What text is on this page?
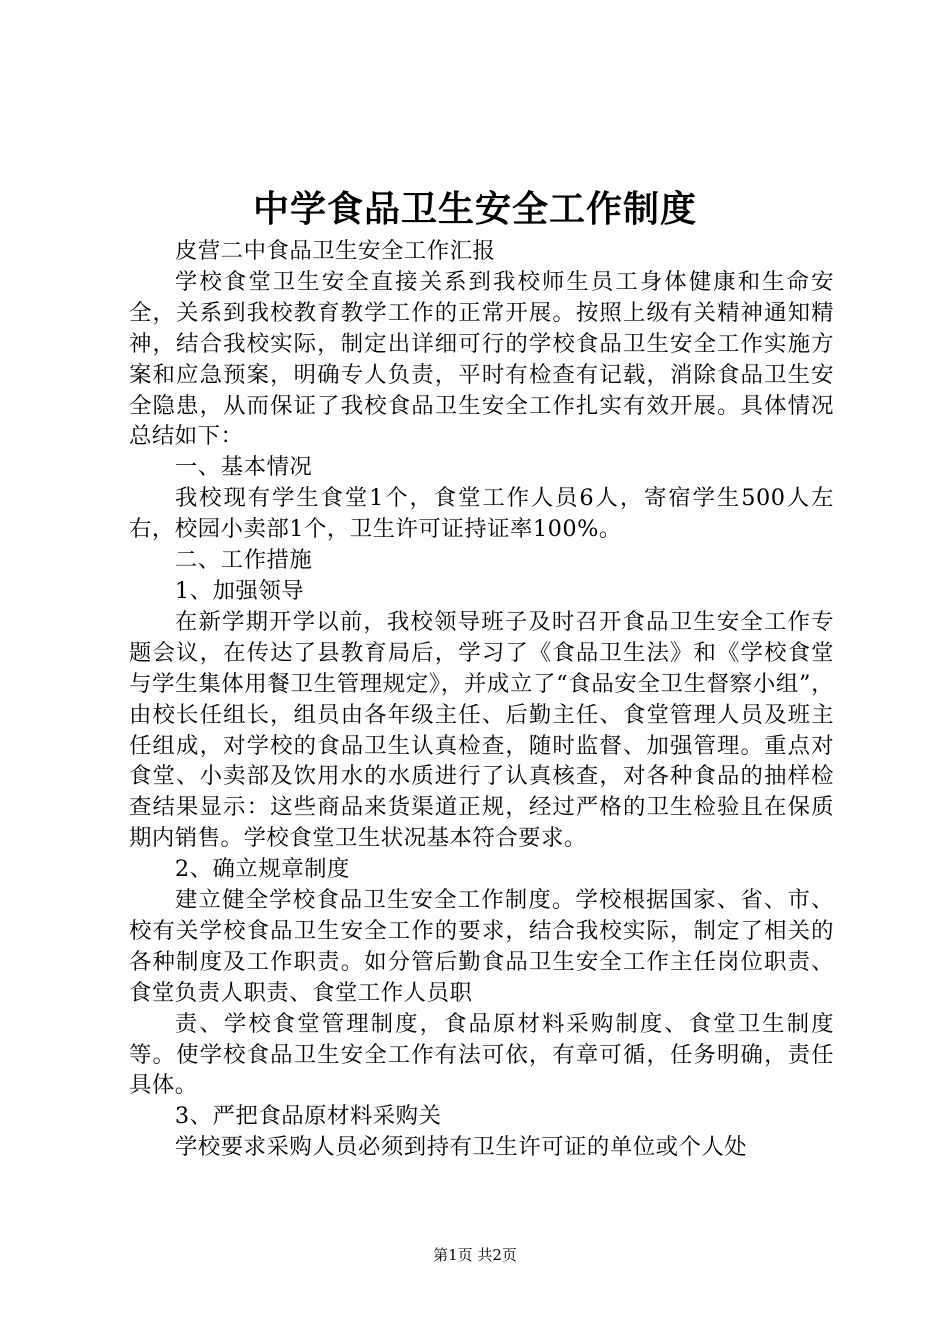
中学食品卫生安全工作制度

皮营二中食品卫生安全工作汇报

学校食堂卫生安全直接关系到我校师生员工身体健康和生命安全，关系到我校教育教学工作的正常开展。按照上级有关精神通知精神，结合我校实际，制定出详细可行的学校食品卫生安全工作实施方案和应急预案，明确专人负责，平时有检查有记载，消除食品卫生安全隐患，从而保证了我校食品卫生安全工作扎实有效开展。具体情况总结如下：

一、基本情况

我校现有学生食堂1个，食堂工作人员6人，寄宿学生500人左右，校园小卖部1个，卫生许可证持证率100%。

二、工作措施

1、加强领导

在新学期开学以前，我校领导班子及时召开食品卫生安全工作专题会议，在传达了县教育局后，学习了《食品卫生法》和《学校食堂与学生集体用餐卫生管理规定》，并成立了“食品安全卫生督察小组”，由校长任组长，组员由各年级主任、后勤主任、食堂管理人员及班主任组成，对学校的食品卫生认真检查，随时监督、加强管理。重点对食堂、小卖部及饮用水的水质进行了认真核查，对各种食品的抽样检查结果显示：这些商品来货渠道正规，经过严格的卫生检验且在保质期内销售。学校食堂卫生状况基本符合要求。

2、确立规章制度

建立健全学校食品卫生安全工作制度。学校根据国家、省、市、校有关学校食品卫生安全工作的要求，结合我校实际，制定了相关的各种制度及工作职责。如分管后勤食品卫生安全工作主任岗位职责、食堂负责人职责、食堂工作人员职

责、学校食堂管理制度，食品原材料采购制度、食堂卫生制度等。使学校食品卫生安全工作有法可依，有章可循，任务明确，责任具体。

3、严把食品原材料采购关

学校要求采购人员必须到持有卫生许可证的单位或个人处

第1页 共2页
